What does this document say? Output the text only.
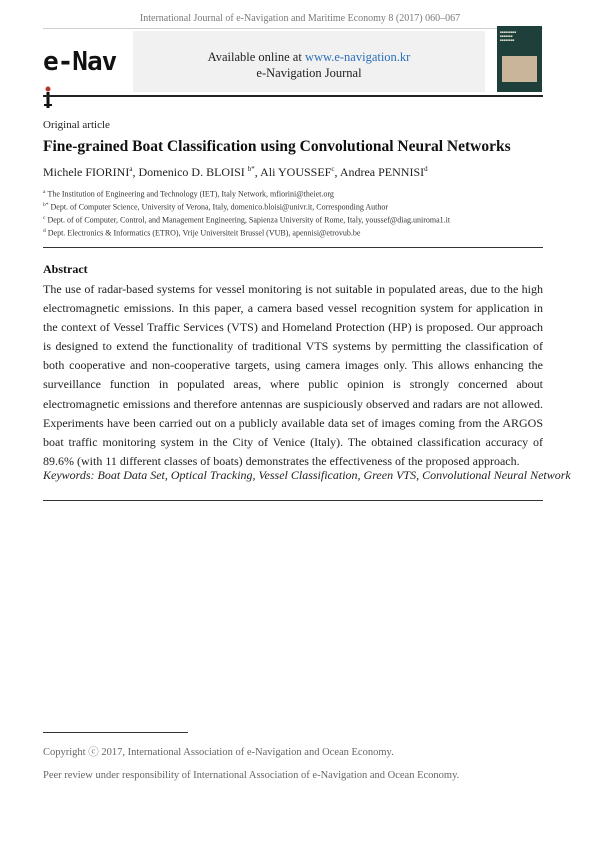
International Journal of e-Navigation and Maritime Economy 8 (2017) 060–067
e-Nav	Available online at www.e-navigation.kr
e-Navigation Journal
■■■■■■■■■
■■■■■■■
■■■■■■■■
Original article
Fine-grained Boat Classification using Convolutional Neural Networks
Michele FIORINI$^a$, Domenico D. BLOISI $^{b*}$, Ali YOUSSEF$^c$, Andrea PENNISI$^d$
$^a$ The Institution of Engineering and Technology (IET), Italy Network, mfiorini@theiet.org
$^{b*}$ Dept. of Computer Science, University of Verona, Italy, domenico.bloisi@univr.it, Corresponding Author
$^c$ Dept. of of Computer, Control, and Management Engineering, Sapienza University of Rome, Italy, youssef@diag.uniroma1.it
$^d$ Dept. Electronics & Informatics (ETRO), Vrije Universiteit Brussel (VUB), apennisi@etrovub.be
Abstract

The use of radar-based systems for vessel monitoring is not suitable in populated areas, due to the high electromagnetic emissions. In this paper, a camera based vessel recognition system for application in the context of Vessel Traffic Services (VTS) and Homeland Protection (HP) is proposed. Our approach is designed to extend the functionality of traditional VTS systems by permitting the classification of both cooperative and non-cooperative targets, using camera images only. This allows enhancing the surveillance function in populated areas, where public opinion is strongly concerned about electromagnetic emissions and therefore antennas are suspiciously observed and radars are not allowed. Experiments have been carried out on a publicly available data set of images coming from the ARGOS boat traffic monitoring system in the City of Venice (Italy). The obtained classification accuracy of 89.6% (with 11 different classes of boats) demonstrates the effectiveness of the proposed approach.

Keywords: Boat Data Set, Optical Tracking, Vessel Classification, Green VTS, Convolutional Neural Network
Copyright ⓒ 2017, International Association of e-Navigation and Ocean Economy.
Peer review under responsibility of International Association of e-Navigation and Ocean Economy.
